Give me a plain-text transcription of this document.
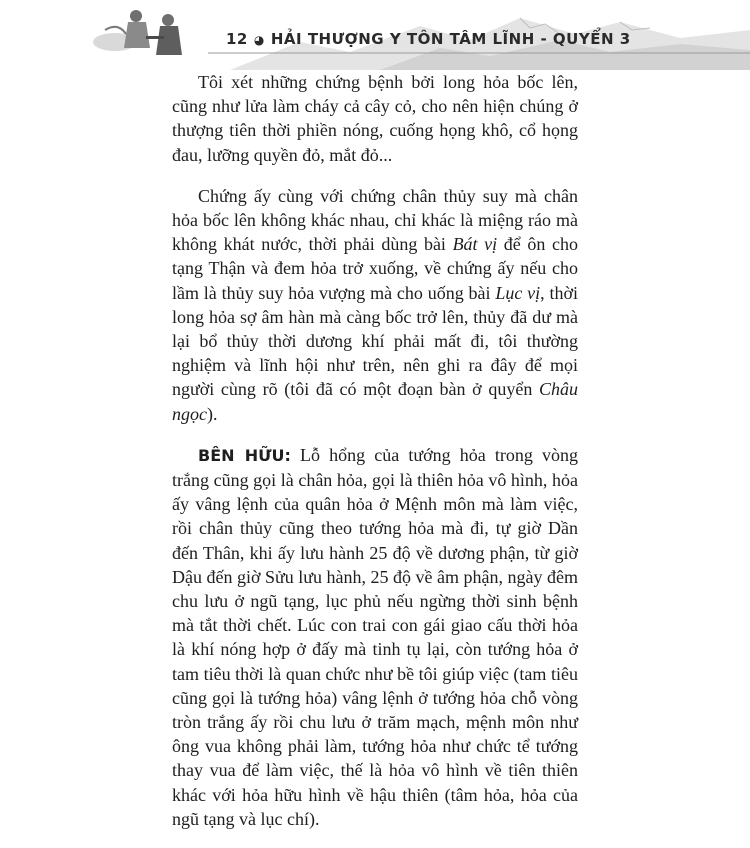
12 ◕ HẢI THƯỢNG Y TÔN TÂM LĨNH - QUYỂN 3

Tôi xét những chứng bệnh bởi long hỏa bốc lên, cũng như lửa làm cháy cả cây cỏ, cho nên hiện chúng ở thượng tiên thời phiền nóng, cuống họng khô, cổ họng đau, lưỡng quyền đỏ, mắt đỏ...

Chứng ấy cùng với chứng chân thủy suy mà chân hỏa bốc lên không khác nhau, chỉ khác là miệng ráo mà không khát nước, thời phải dùng bài Bát vị để ôn cho tạng Thận và đem hỏa trở xuống, về chứng ấy nếu cho lầm là thủy suy hỏa vượng mà cho uống bài Lục vị, thời long hỏa sợ âm hàn mà càng bốc trở lên, thủy đã dư mà lại bổ thủy thời dương khí phải mất đi, tôi thường nghiệm và lĩnh hội như trên, nên ghi ra đây để mọi người cùng rõ (tôi đã có một đoạn bàn ở quyển Châu ngọc).

BÊN HỮU: Lỗ hổng của tướng hỏa trong vòng trắng cũng gọi là chân hỏa, gọi là thiên hỏa vô hình, hỏa ấy vâng lệnh của quân hỏa ở Mệnh môn mà làm việc, rồi chân thủy cũng theo tướng hỏa mà đi, tự giờ Dần đến Thân, khi ấy lưu hành 25 độ về dương phận, từ giờ Dậu đến giờ Sửu lưu hành, 25 độ về âm phận, ngày đêm chu lưu ở ngũ tạng, lục phủ nếu ngừng thời sinh bệnh mà tắt thời chết. Lúc con trai con gái giao cấu thời hỏa là khí nóng hợp ở đấy mà tinh tụ lại, còn tướng hỏa ở tam tiêu thời là quan chức như bề tôi giúp việc (tam tiêu cũng gọi là tướng hỏa) vâng lệnh ở tướng hỏa chỗ vòng tròn trắng ấy rồi chu lưu ở trăm mạch, mệnh môn như ông vua không phải làm, tướng hỏa như chức tể tướng thay vua để làm việc, thế là hỏa vô hình về tiên thiên khác với hỏa hữu hình về hậu thiên (tâm hỏa, hỏa của ngũ tạng và lục chí).
